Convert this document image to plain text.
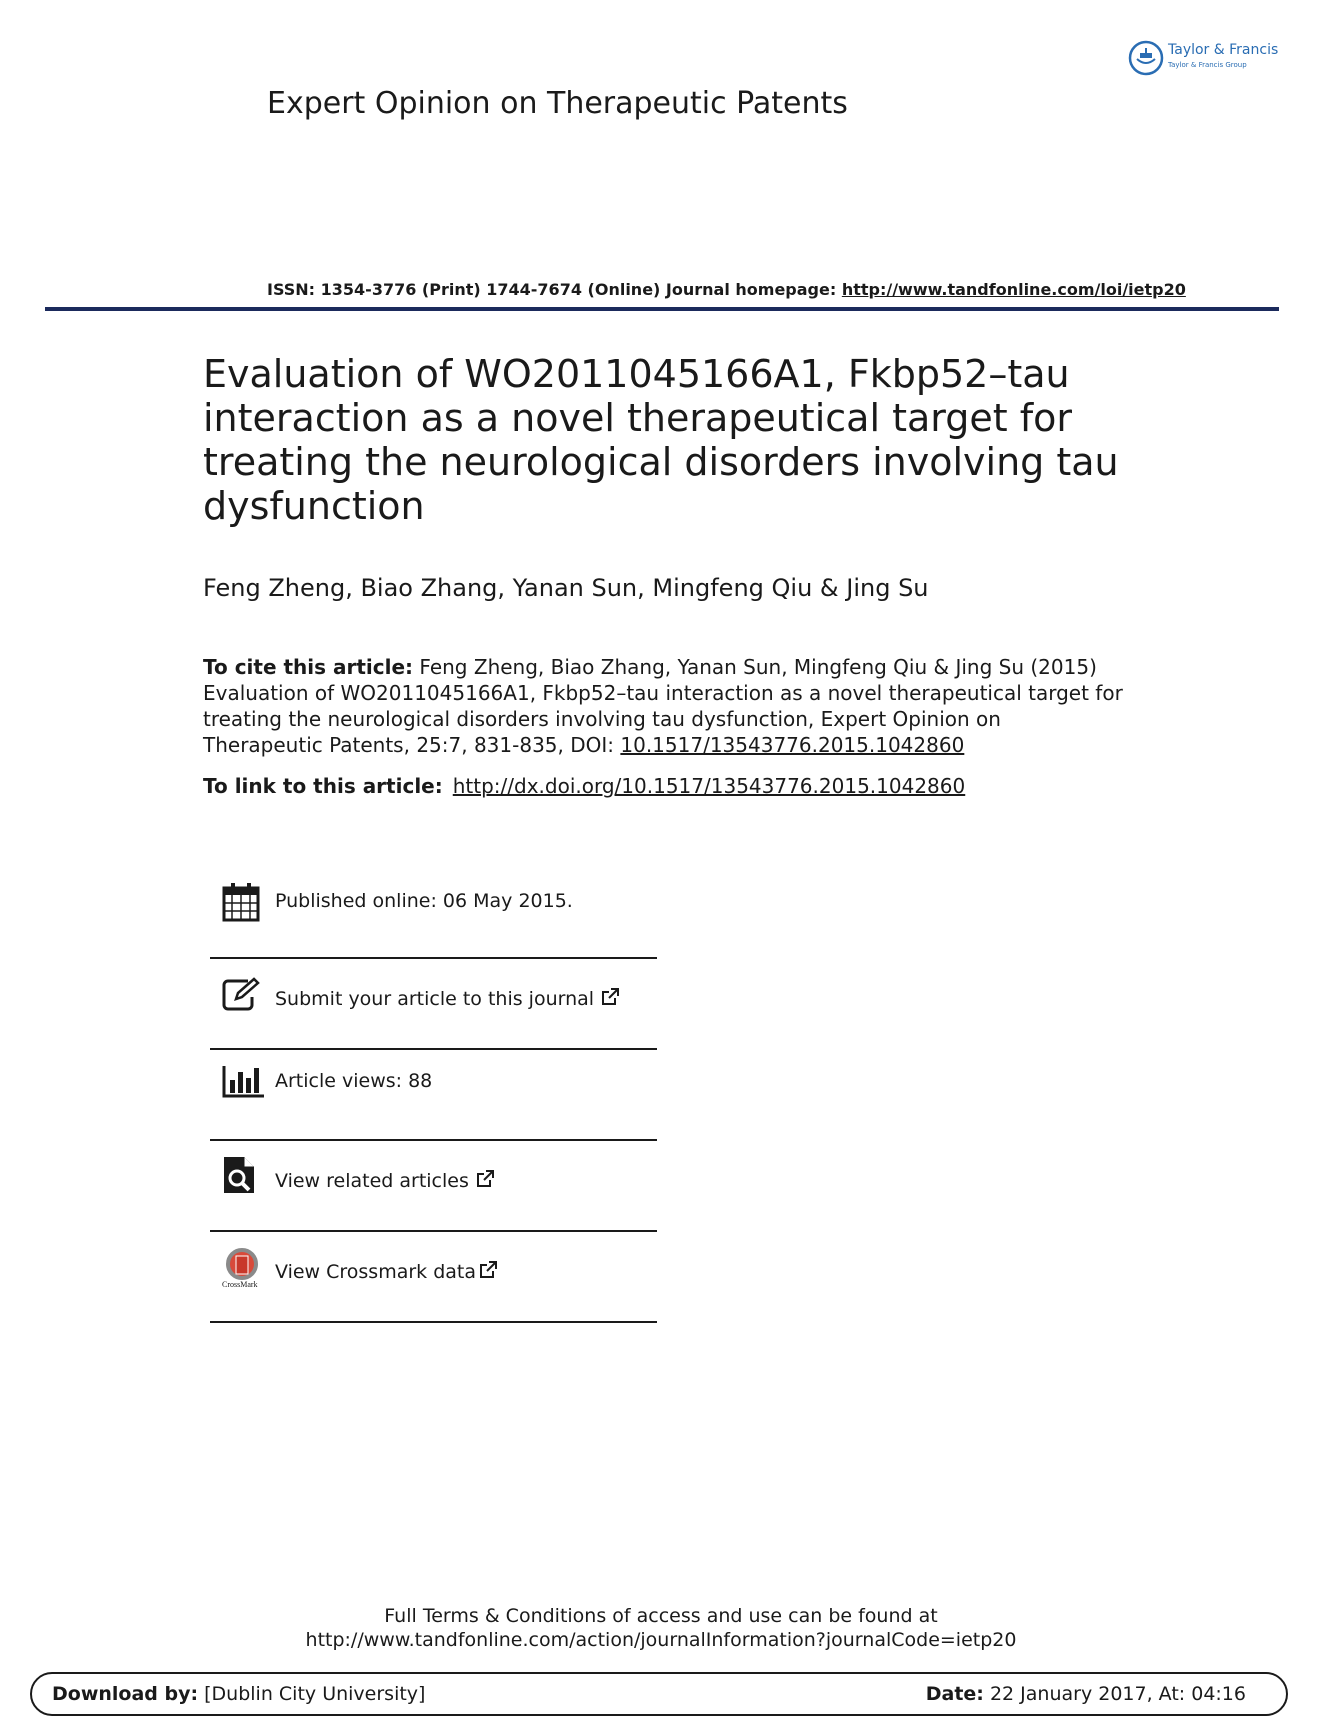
Taylor & Francis
Taylor & Francis Group
Expert Opinion on Therapeutic Patents
ISSN: 1354-3776 (Print) 1744-7674 (Online) Journal homepage: http://www.tandfonline.com/loi/ietp20
Evaluation of WO2011045166A1, Fkbp52–tau interaction as a novel therapeutical target for treating the neurological disorders involving tau dysfunction
Feng Zheng, Biao Zhang, Yanan Sun, Mingfeng Qiu & Jing Su
To cite this article: Feng Zheng, Biao Zhang, Yanan Sun, Mingfeng Qiu & Jing Su (2015) Evaluation of WO2011045166A1, Fkbp52–tau interaction as a novel therapeutical target for treating the neurological disorders involving tau dysfunction, Expert Opinion on Therapeutic Patents, 25:7, 831-835, DOI: 10.1517/13543776.2015.1042860
To link to this article: http://dx.doi.org/10.1517/13543776.2015.1042860
Published online: 06 May 2015.
Submit your article to this journal
Article views: 88
View related articles
CrossMark
View Crossmark data
Full Terms & Conditions of access and use can be found at
http://www.tandfonline.com/action/journalInformation?journalCode=ietp20
Download by: [Dublin City University]	Date: 22 January 2017, At: 04:16
